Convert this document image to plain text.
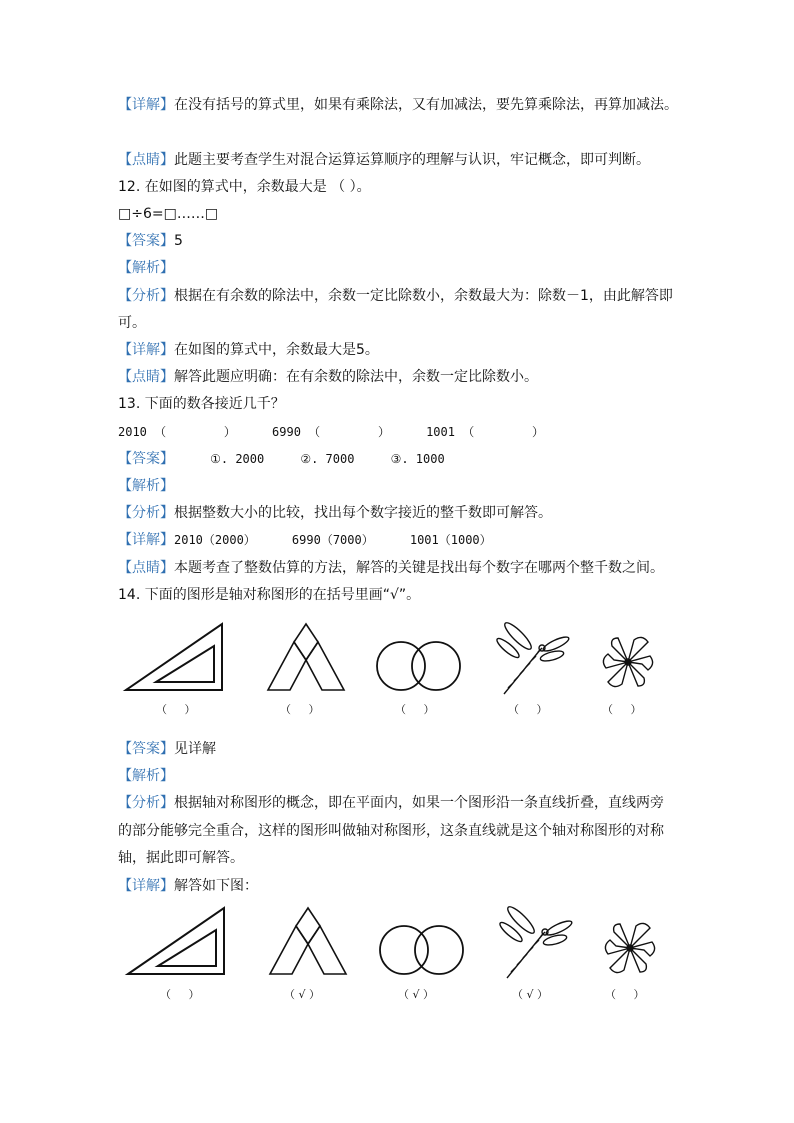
【详解】在没有括号的算式里，如果有乘除法，又有加减法，要先算乘除法，再算加减法。
【点睛】此题主要考查学生对混合运算运算顺序的理解与认识，牢记概念，即可判断。
12. 在如图的算式中，余数最大是 （ ）。
□÷6=□……□
【答案】5
【解析】
【分析】根据在有余数的除法中，余数一定比除数小，余数最大为：除数－1，由此解答即
可。
【详解】在如图的算式中，余数最大是5。
【点睛】解答此题应明确：在有余数的除法中，余数一定比除数小。
13. 下面的数各接近几千？
2010 （        ）     6990 （        ）     1001 （        ）
【答案】     ①. 2000     ②. 7000     ③. 1000
【解析】
【分析】根据整数大小的比较，找出每个数字接近的整千数即可解答。
【详解】2010（2000）     6990（7000）     1001（1000）
【点睛】本题考查了整数估算的方法，解答的关键是找出每个数字在哪两个整千数之间。
14. 下面的图形是轴对称图形的在括号里画“√”。
（     ）	（     ）	（     ）	（     ）	（     ）
【答案】见详解
【解析】
【分析】根据轴对称图形的概念，即在平面内，如果一个图形沿一条直线折叠，直线两旁
的部分能够完全重合，这样的图形叫做轴对称图形，这条直线就是这个轴对称图形的对称
轴，据此即可解答。
【详解】解答如下图：
（     ）	（ √ ）	（ √ ）	（ √ ）	（     ）
